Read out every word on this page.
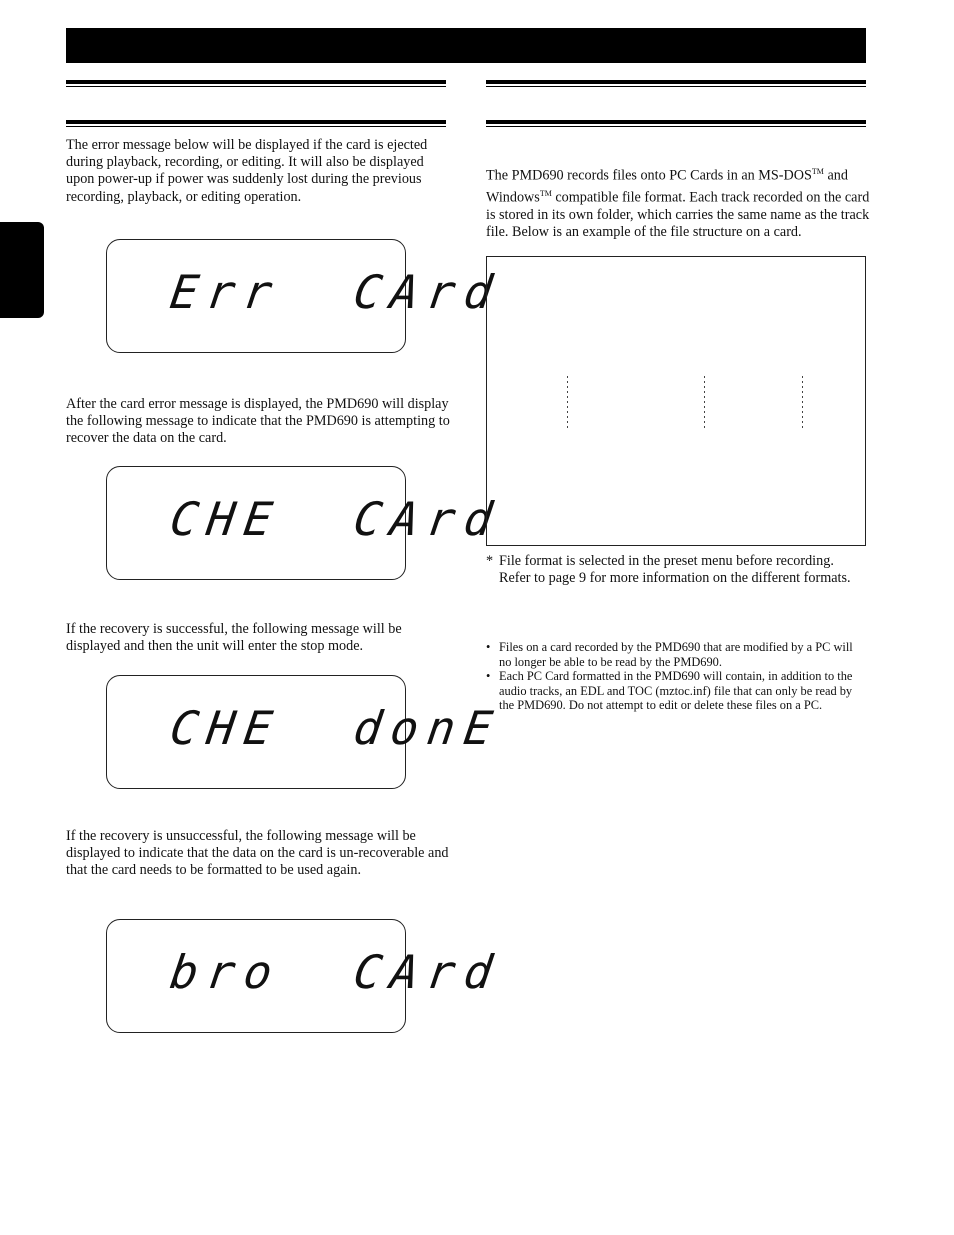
The error message below will be displayed if the card is ejected during playback, recording, or editing. It will also be displayed upon power-up if power was suddenly lost during the previous recording, playback, or editing operation.

Err  CArd

After the card error message is displayed, the PMD690 will display the following message to indicate that the PMD690 is attempting to recover the data on the card.

CHE  CArd

If the recovery is successful, the following message will be displayed and then the unit will enter the stop mode.

CHE  donE

If the recovery is unsuccessful, the following message will be displayed to indicate that the data on the card is un-recoverable and that the card needs to be formatted to be used again.

bro  CArd

The PMD690 records files onto PC Cards in an MS-DOS™ and Windows™ compatible file format. Each track recorded on the card is stored in its own folder, which carries the same name as the track file. Below is an example of the file structure on a card.

* File format is selected in the preset menu before recording. Refer to page 9 for more information on the different formats.
• Files on a card recorded by the PMD690 that are modified by a PC will no longer be able to be read by the PMD690.
• Each PC Card formatted in the PMD690 will contain, in addition to the audio tracks, an EDL and TOC (mztoc.inf) file that can only be read by the PMD690. Do not attempt to edit or delete these files on a PC.
